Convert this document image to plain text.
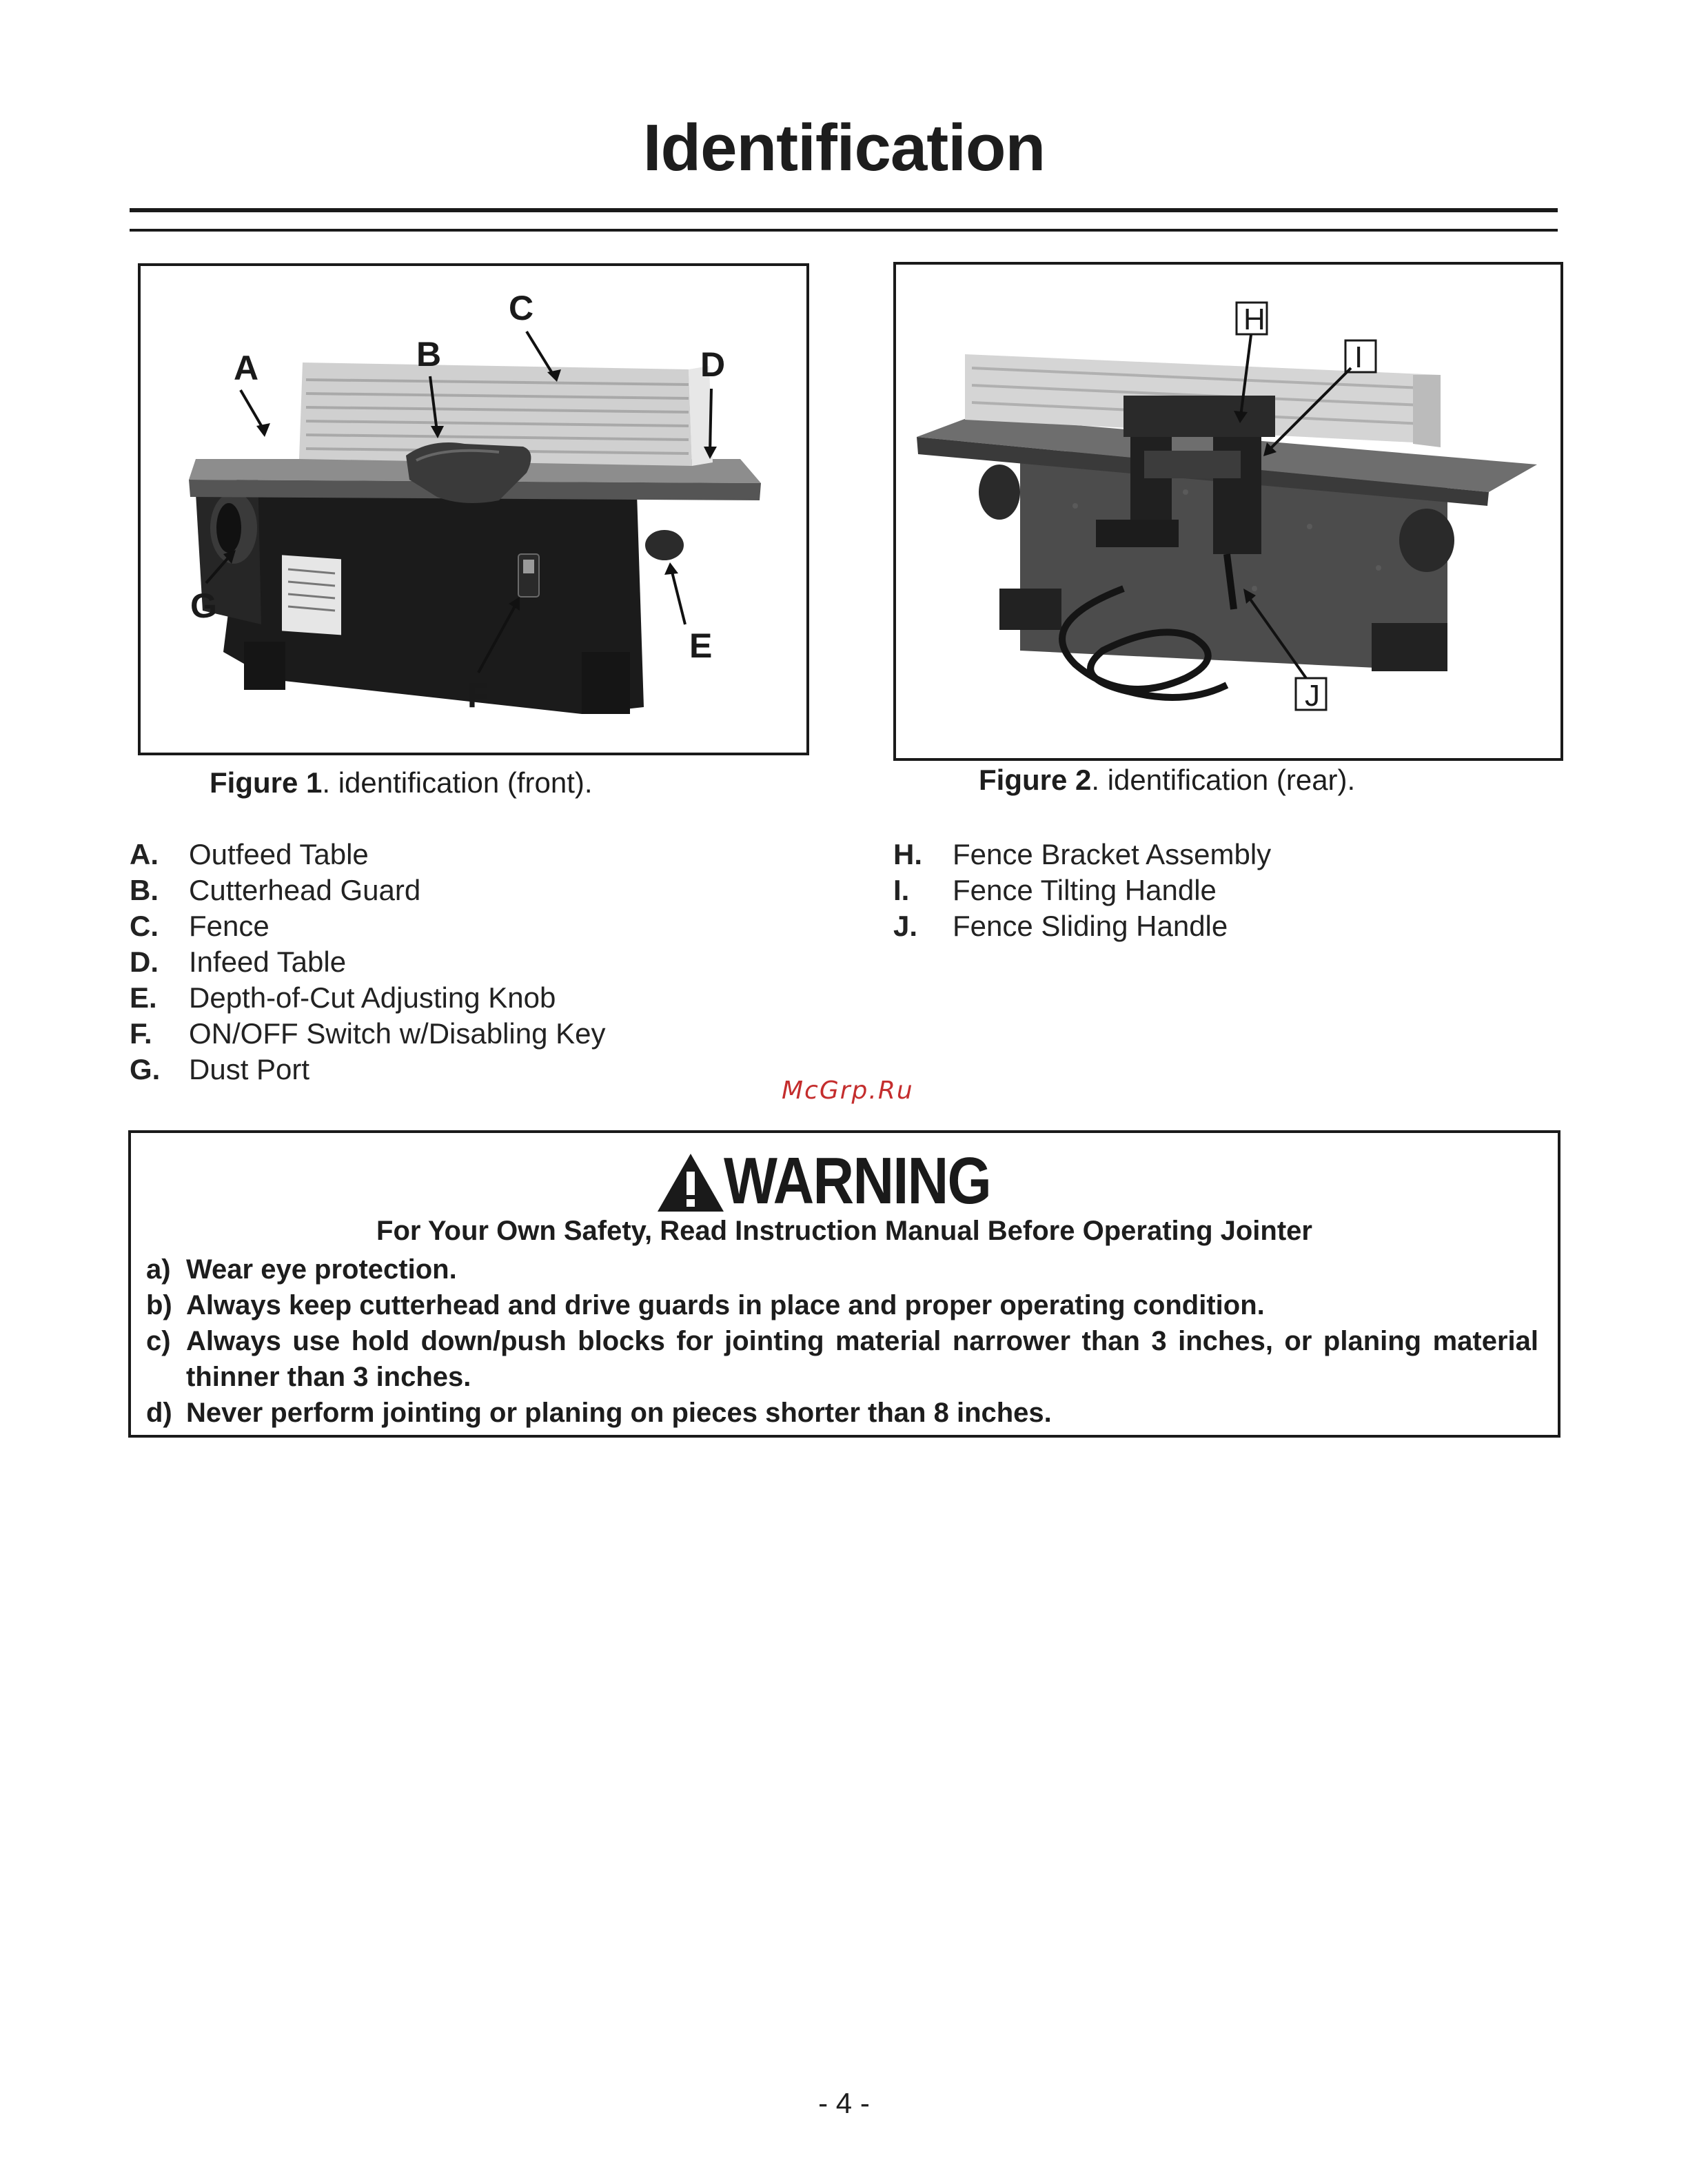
Identification
A	B
C
D
E
F
G
H
I
J
Figure 1. identification (front).	Figure 2. identification (rear).
A.	Outfeed Table
B.	Cutterhead Guard
C.	Fence
D.	Infeed Table
E.	Depth-of-Cut Adjusting Knob
F.	ON/OFF Switch w/Disabling Key
G. Dust Port
H.	Fence Bracket Assembly
I.	Fence Tilting Handle
J.	Fence Sliding Handle
McGrp.Ru
WARNING
For Your Own Safety, Read Instruction Manual Before Operating Jointer
a) Wear eye protection.
b) Always keep cutterhead and drive guards in place and proper operating condition.
c) Always use hold down/push blocks for jointing material narrower than 3 inches, or planing material thinner than 3 inches.
d) Never perform jointing or planing on pieces shorter than 8 inches.
- 4 -
